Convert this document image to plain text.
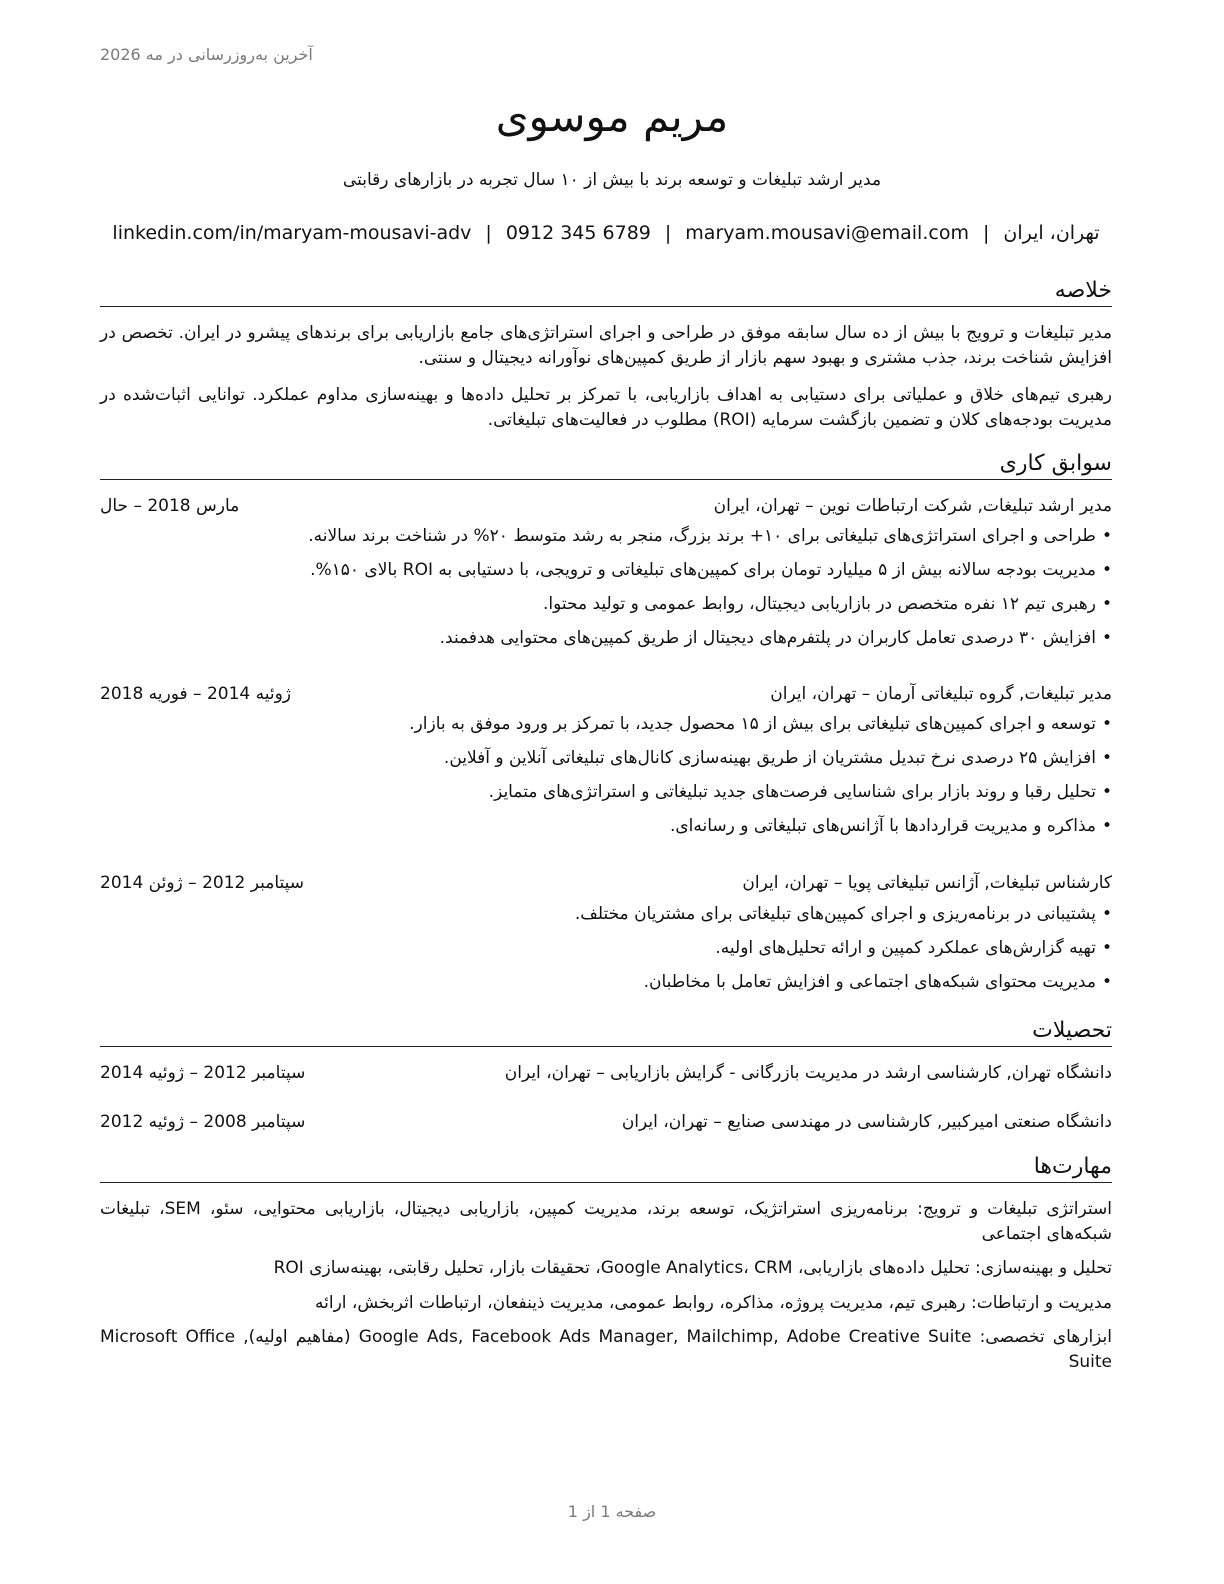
آخرین به‌روزرسانی در مه 2026
مریم موسوی
مدیر ارشد تبلیغات و توسعه برند با بیش از ۱۰ سال تجربه در بازارهای رقابتی
تهران، ایران|maryam.mousavi@email.com|0912 345 6789|linkedin.com/in/maryam-mousavi-adv
خلاصه
مدیر تبلیغات و ترویج با بیش از ده سال سابقه موفق در طراحی و اجرای استراتژی‌های جامع بازاریابی برای برندهای پیشرو در ایران. تخصص در افزایش شناخت برند، جذب مشتری و بهبود سهم بازار از طریق کمپین‌های نوآورانه دیجیتال و سنتی.
رهبری تیم‌های خلاق و عملیاتی برای دستیابی به اهداف بازاریابی، با تمرکز بر تحلیل داده‌ها و بهینه‌سازی مداوم عملکرد. توانایی اثبات‌شده در مدیریت بودجه‌های کلان و تضمین بازگشت سرمایه (ROI) مطلوب در فعالیت‌های تبلیغاتی.
سوابق کاری
مدیر ارشد تبلیغات, شرکت ارتباطات نوین – تهران، ایران
مارس 2018 – حال
•طراحی و اجرای استراتژی‌های تبلیغاتی برای ۱۰+ برند بزرگ، منجر به رشد متوسط ۲۰% در شناخت برند سالانه.
•مدیریت بودجه سالانه بیش از ۵ میلیارد تومان برای کمپین‌های تبلیغاتی و ترویجی، با دستیابی به ROI بالای ۱۵۰%.
•رهبری تیم ۱۲ نفره متخصص در بازاریابی دیجیتال، روابط عمومی و تولید محتوا.
•افزایش ۳۰ درصدی تعامل کاربران در پلتفرم‌های دیجیتال از طریق کمپین‌های محتوایی هدفمند.
مدیر تبلیغات, گروه تبلیغاتی آرمان – تهران، ایران
ژوئیه 2014 – فوریه 2018
•توسعه و اجرای کمپین‌های تبلیغاتی برای بیش از ۱۵ محصول جدید، با تمرکز بر ورود موفق به بازار.
•افزایش ۲۵ درصدی نرخ تبدیل مشتریان از طریق بهینه‌سازی کانال‌های تبلیغاتی آنلاین و آفلاین.
•تحلیل رقبا و روند بازار برای شناسایی فرصت‌های جدید تبلیغاتی و استراتژی‌های متمایز.
•مذاکره و مدیریت قراردادها با آژانس‌های تبلیغاتی و رسانه‌ای.
کارشناس تبلیغات, آژانس تبلیغاتی پویا – تهران، ایران
سپتامبر 2012 – ژوئن 2014
•پشتیبانی در برنامه‌ریزی و اجرای کمپین‌های تبلیغاتی برای مشتریان مختلف.
•تهیه گزارش‌های عملکرد کمپین و ارائه تحلیل‌های اولیه.
•مدیریت محتوای شبکه‌های اجتماعی و افزایش تعامل با مخاطبان.
تحصیلات
دانشگاه تهران, کارشناسی ارشد در مدیریت بازرگانی - گرایش بازاریابی – تهران، ایران
سپتامبر 2012 – ژوئیه 2014
دانشگاه صنعتی امیرکبیر, کارشناسی در مهندسی صنایع – تهران، ایران
سپتامبر 2008 – ژوئیه 2012
مهارت‌ها
استراتژی تبلیغات و ترویج: برنامه‌ریزی استراتژیک، توسعه برند، مدیریت کمپین، بازاریابی دیجیتال، بازاریابی محتوایی، سئو، SEM، تبلیغات شبکه‌های اجتماعی
تحلیل و بهینه‌سازی: تحلیل داده‌های بازاریابی، Google Analytics، CRM، تحقیقات بازار، تحلیل رقابتی، بهینه‌سازی ROI
مدیریت و ارتباطات: رهبری تیم، مدیریت پروژه، مذاکره، روابط عمومی، مدیریت ذینفعان، ارتباطات اثربخش، ارائه
ابزارهای تخصصی: Google Ads, Facebook Ads Manager, Mailchimp, Adobe Creative Suite (مفاهیم اولیه), Microsoft Office Suite
صفحه 1 از 1
